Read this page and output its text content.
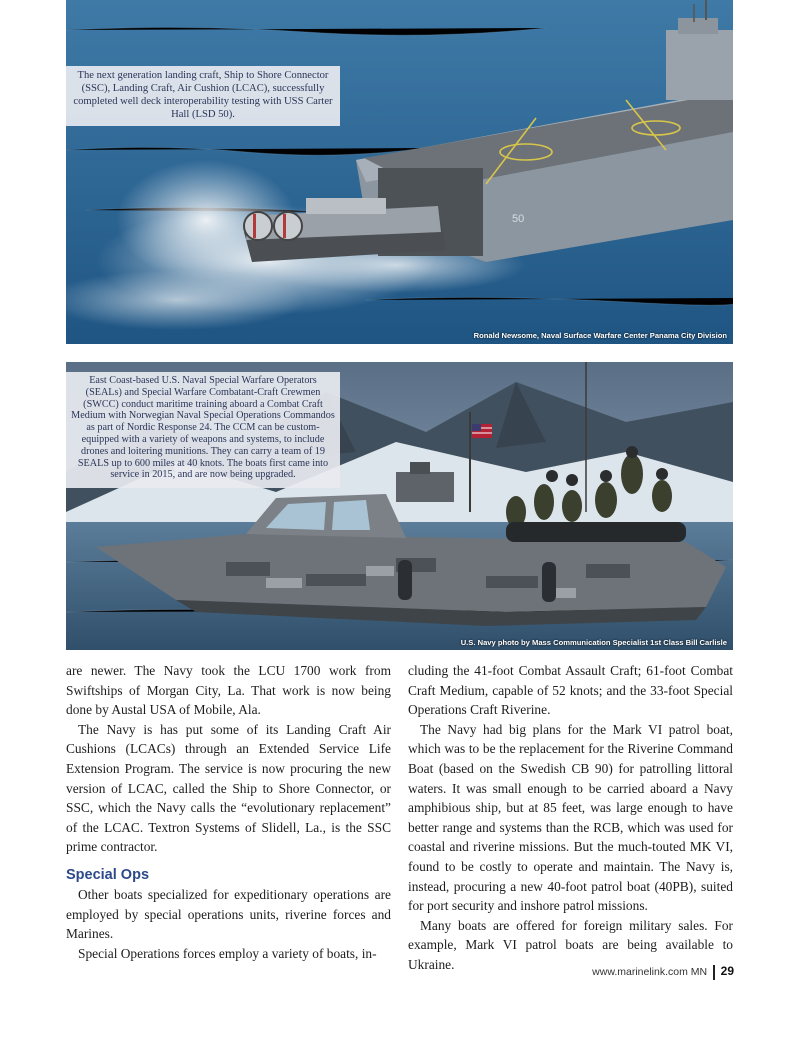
50
The next generation landing craft, Ship to Shore Connector (SSC), Landing Craft, Air Cushion (LCAC), successfully completed well deck interoperability testing with USS Carter Hall (LSD 50).
Ronald Newsome, Naval Surface Warfare Center Panama City Division
East Coast-based U.S. Naval Special Warfare Operators (SEALs) and Special Warfare Combatant-Craft Crewmen (SWCC) conduct maritime training aboard a Combat Craft Medium with Norwegian Naval Special Operations Commandos as part of Nordic Response 24. The CCM can be custom-equipped with a variety of weapons and systems, to include drones and loitering munitions. They can carry a team of 19 SEALS up to 600 miles at 40 knots. The boats first came into service in 2015, and are now being upgraded.
U.S. Navy photo by Mass Communication Specialist 1st Class Bill Carlisle

are newer. The Navy took the LCU 1700 work from Swiftships of Morgan City, La. That work is now being done by Austal USA of Mobile, Ala.

The Navy is has put some of its Landing Craft Air Cushions (LCACs) through an Extended Service Life Extension Program. The service is now procuring the new version of LCAC, called the Ship to Shore Connector, or SSC, which the Navy calls the “evolutionary replacement” of the LCAC. Textron Systems of Slidell, La., is the SSC prime contractor.

Special Ops

Other boats specialized for expeditionary operations are employed by special operations units, riverine forces and Marines.

Special Operations forces employ a variety of boats, in-

cluding the 41-foot Combat Assault Craft; 61-foot Combat Craft Medium, capable of 52 knots; and the 33-foot Special Operations Craft Riverine.

The Navy had big plans for the Mark VI patrol boat, which was to be the replacement for the Riverine Command Boat (based on the Swedish CB 90) for patrolling littoral waters. It was small enough to be carried aboard a Navy amphibious ship, but at 85 feet, was large enough to have better range and systems than the RCB, which was used for coastal and riverine missions. But the much-touted MK VI, found to be costly to operate and maintain. The Navy is, instead, procuring a new 40-foot patrol boat (40PB), suited for port security and inshore patrol missions.

Many boats are offered for foreign military sales. For example, Mark VI patrol boats are being available to Ukraine.

www.marinelink.com MN 29
